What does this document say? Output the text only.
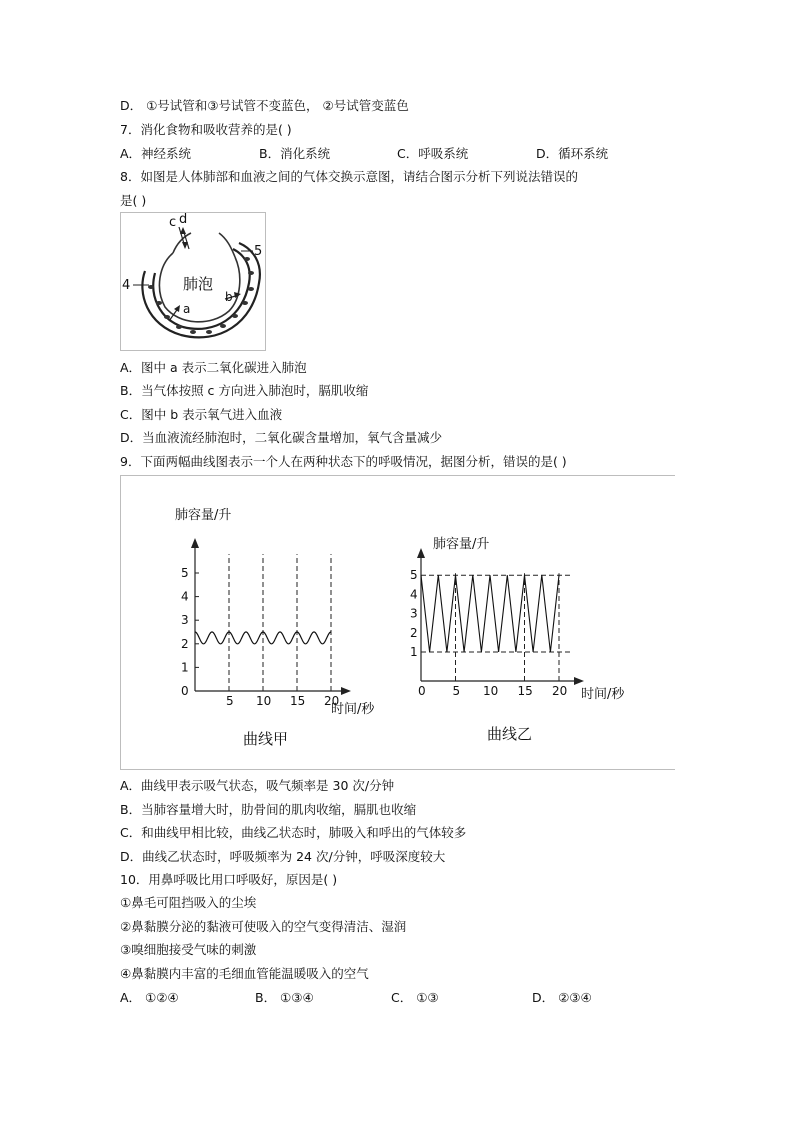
D． ①号试管和③号试管不变蓝色， ②号试管变蓝色
7．消化食物和吸收营养的是( )
A．神经系统	B．消化系统	C．呼吸系统	D．循环系统
8．如图是人体肺部和血液之间的气体交换示意图，请结合图示分析下列说法错误的
是( )
c d
4
5
肺泡
a
b
A．图中 a 表示二氧化碳进入肺泡
B．当气体按照 c 方向进入肺泡时，膈肌收缩
C．图中 b 表示氧气进入血液
D．当血液流经肺泡时，二氧化碳含量增加，氧气含量减少
9．下面两幅曲线图表示一个人在两种状态下的呼吸情况，据图分析，错误的是( )
肺容量/升
时间/秒
曲线甲
0
1
2
3
4
5
5 10 15 20
肺容量/升
时间/秒
曲线乙
1
2
3
4
5
0 5 10 15 20
A．曲线甲表示吸气状态，吸气频率是 30 次/分钟
B．当肺容量增大时，肋骨间的肌肉收缩，膈肌也收缩
C．和曲线甲相比较，曲线乙状态时，肺吸入和呼出的气体较多
D．曲线乙状态时，呼吸频率为 24 次/分钟，呼吸深度较大
10．用鼻呼吸比用口呼吸好，原因是( )
①鼻毛可阻挡吸入的尘埃
②鼻黏膜分泌的黏液可使吸入的空气变得清洁、湿润
③嗅细胞接受气味的刺激
④鼻黏膜内丰富的毛细血管能温暖吸入的空气
A． ①②④	B． ①③④	C． ①③	D． ②③④
